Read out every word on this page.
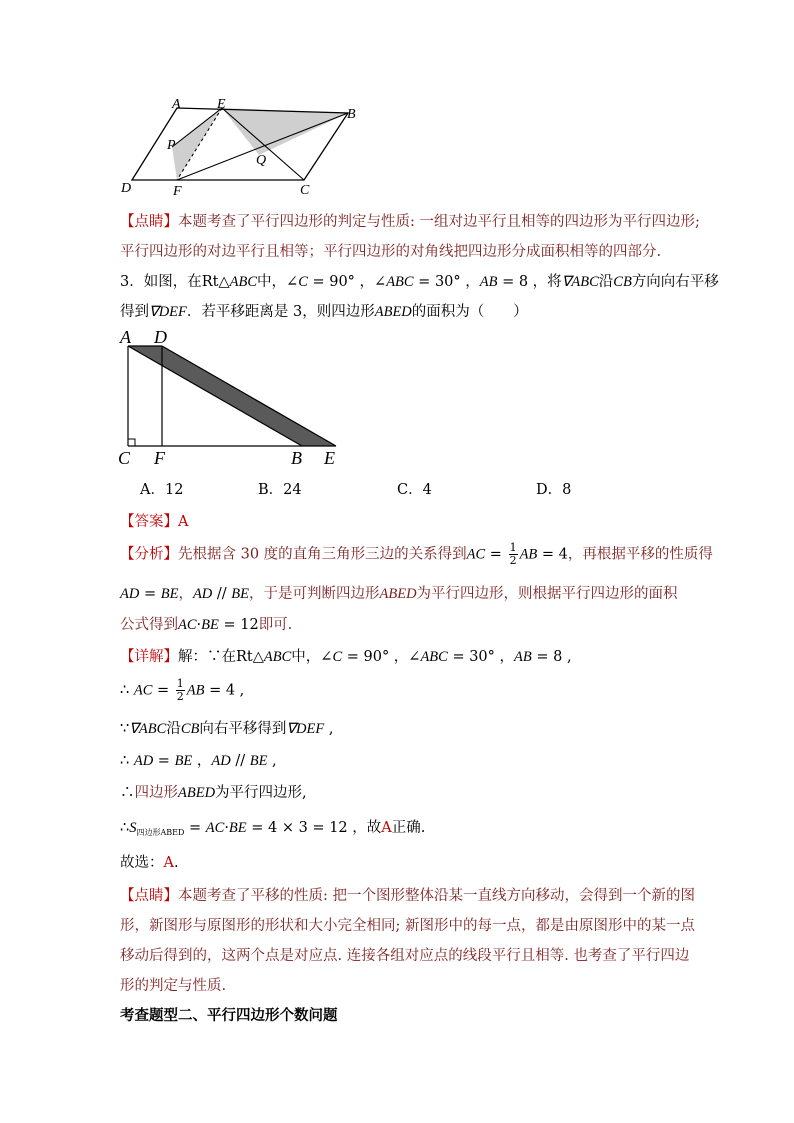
A	E
B
P
Q
D	F	C
【点睛】本题考查了平行四边形的判定与性质: 一组对边平行且相等的四边形为平行四边形;
平行四边形的对边平行且相等；平行四边形的对角线把四边形分成面积相等的四部分.
3．如图，在Rt△ABC中，∠C = 90° ，∠ABC = 30° ，AB = 8 ，将∇ABC沿CB方向向右平移
得到∇DEF．若平移距离是 3，则四边形ABED的面积为（　　）
A D
C F	B E
A．12	B．24	C．4	D．8
【答案】A
【分析】先根据含 30 度的直角三角形三边的关系得到AC = $\frac{1}{2}$ AB = 4，再根据平移的性质得
AD = BE，AD // BE，于是可判断四边形ABED为平行四边形，则根据平行四边形的面积
公式得到AC·BE = 12即可.
【详解】解：∵在Rt△ABC中，∠C = 90° ，∠ABC = 30° ，AB = 8 ,
∴ AC = $\frac{1}{2}$ AB = 4 ,
∵∇ABC沿CB向右平移得到∇DEF ,
∴ AD = BE ，AD // BE ,
∴四边形ABED为平行四边形,
$\therefore S_{四边形ABED} = AC\cdot BE = 4 \times 3 = 12$ ，故A正确.
故选：A.
【点睛】本题考查了平移的性质: 把一个图形整体沿某一直线方向移动，会得到一个新的图
形，新图形与原图形的形状和大小完全相同; 新图形中的每一点，都是由原图形中的某一点
移动后得到的，这两个点是对应点. 连接各组对应点的线段平行且相等. 也考查了平行四边
形的判定与性质.
考查题型二、平行四边形个数问题
